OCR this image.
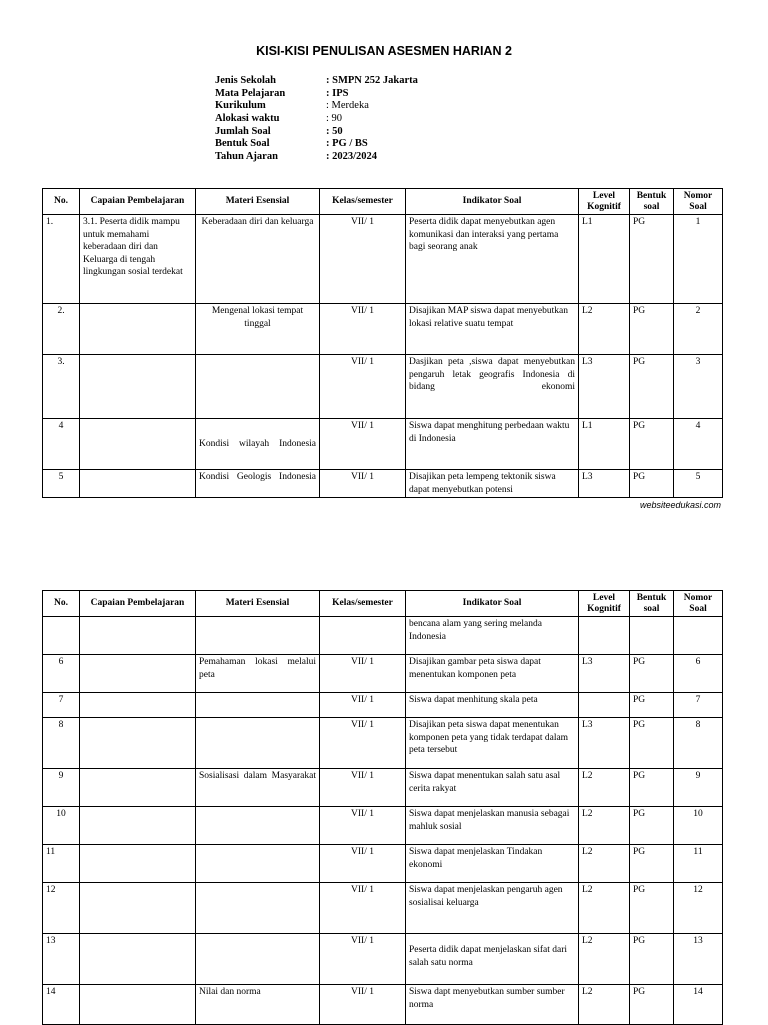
KISI-KISI PENULISAN ASESMEN HARIAN 2
Jenis Sekolah	: SMPN 252 Jakarta
Mata Pelajaran	: IPS
Kurikulum	: Merdeka
Alokasi waktu	: 90
Jumlah Soal	: 50
Bentuk Soal	: PG / BS
Tahun Ajaran	: 2023/2024
No.	Capaian Pembelajaran	Materi Esensial	Kelas/semester	Indikator Soal	Level Kognitif	Bentuk soal	Nomor Soal
1.	3.1. Peserta didik mampu untuk memahami keberadaan diri dan Keluarga di tengah lingkungan sosial terdekat	Keberadaan diri dan keluarga	VII/ 1	Peserta didik dapat menyebutkan agen komunikasi dan interaksi yang pertama bagi seorang anak	L1	PG	1
2.		Mengenal lokasi tempat tinggal	VII/ 1	Disajikan MAP siswa dapat menyebutkan lokasi relative suatu tempat	L2	PG	2
3.			VII/ 1	Dasjikan peta ,siswa dapat menyebutkan pengaruh letak geografis Indonesia di bidang ekonomi	L3	PG	3
4		Kondisi wilayah Indonesia	VII/ 1	Siswa dapat menghitung perbedaan waktu di Indonesia	L1	PG	4
5		Kondisi Geologis Indonesia	VII/ 1	Disajikan peta lempeng tektonik siswa dapat menyebutkan potensi	L3	PG	5
websiteedukasi.com
No.	Capaian Pembelajaran	Materi Esensial	Kelas/semester	Indikator Soal	Level Kognitif	Bentuk soal	Nomor Soal
				bencana alam yang sering melanda Indonesia			
6		Pemahaman lokasi melalui peta	VII/ 1	Disajikan gambar peta siswa dapat menentukan komponen peta	L3	PG	6
7			VII/ 1	Siswa dapat menhitung skala peta		PG	7
8			VII/ 1	Disajikan peta siswa dapat menentukan komponen peta yang tidak terdapat dalam peta tersebut	L3	PG	8
9		Sosialisasi dalam Masyarakat	VII/ 1	Siswa dapat menentukan salah satu asal cerita rakyat	L2	PG	9
10			VII/ 1	Siswa dapat menjelaskan manusia sebagai mahluk sosial	L2	PG	10
11			VII/ 1	Siswa dapat menjelaskan Tindakan ekonomi	L2	PG	11
12			VII/ 1	Siswa dapat menjelaskan pengaruh agen sosialisai keluarga	L2	PG	12
13			VII/ 1	Peserta didik dapat menjelaskan sifat dari salah satu norma	L2	PG	13
14		Nilai dan norma	VII/ 1	Siswa dapt menyebutkan sumber sumber norma	L2	PG	14
